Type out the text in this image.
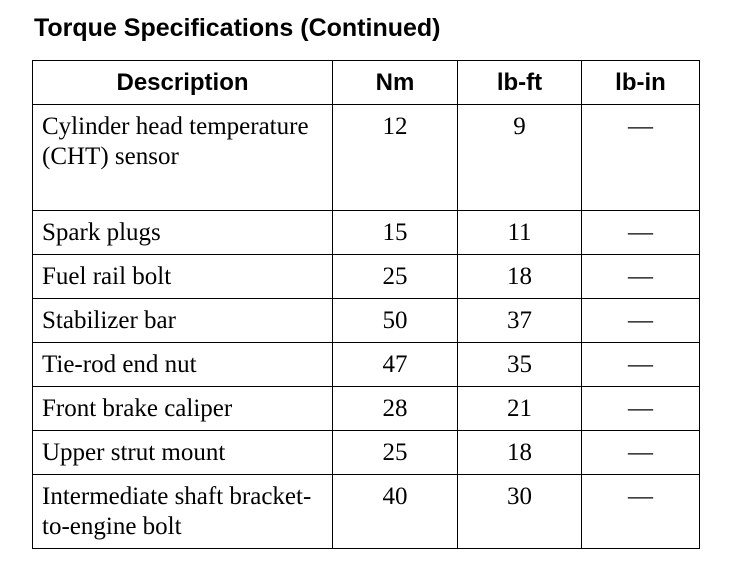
Torque Specifications (Continued)
Description	Nm	lb-ft	lb-in
Cylinder head temperature (CHT) sensor	12	9	—
Spark plugs	15	11	—
Fuel rail bolt	25	18	—
Stabilizer bar	50	37	—
Tie-rod end nut	47	35	—
Front brake caliper	28	21	—
Upper strut mount	25	18	—
Intermediate shaft bracket-to-engine bolt	40	30	—
